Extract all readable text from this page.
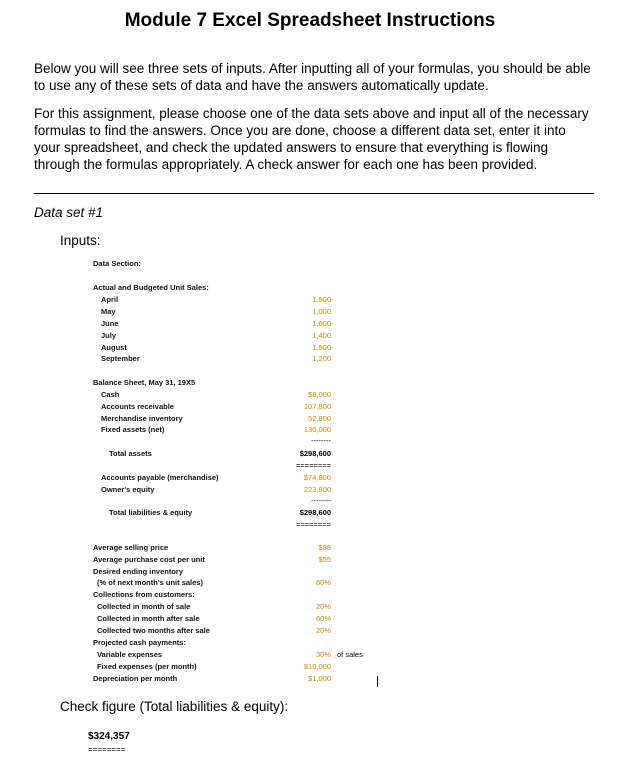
Module 7 Excel Spreadsheet Instructions
Below you will see three sets of inputs. After inputting all of your formulas, you should be able to use any of these sets of data and have the answers automatically update.
For this assignment, please choose one of the data sets above and input all of the necessary formulas to find the answers. Once you are done, choose a different data set, enter it into your spreadsheet, and check the updated answers to ensure that everything is flowing through the formulas appropriately. A check answer for each one has been provided.
Data set #1
Inputs:
Data Section:
Actual and Budgeted Unit Sales:
April	1,500
May	1,000
June	1,600
July	1,400
August	1,500
September	1,200
Balance Sheet, May 31, 19X5
Cash	$8,000
Accounts receivable	107,800
Merchandise inventory	52,800
Fixed assets (net)	130,000
--------
Total assets	$298,600
========
Accounts payable (merchandise)	$74,800
Owner's equity	223,800
--------
Total liabilities & equity	$298,600
========
Average selling price	$98
Average purchase cost per unit	$55
Desired ending inventory
(% of next month's unit sales)	60%
Collections from customers:
Collected in month of sale	20%
Collected in month after sale	60%
Collected two months after sale	20%
Projected cash payments:
Variable expenses	30% of sales
Fixed expenses (per month)	$10,000
Depreciation per month	$1,000
Check figure (Total liabilities & equity):
$324,357
========
